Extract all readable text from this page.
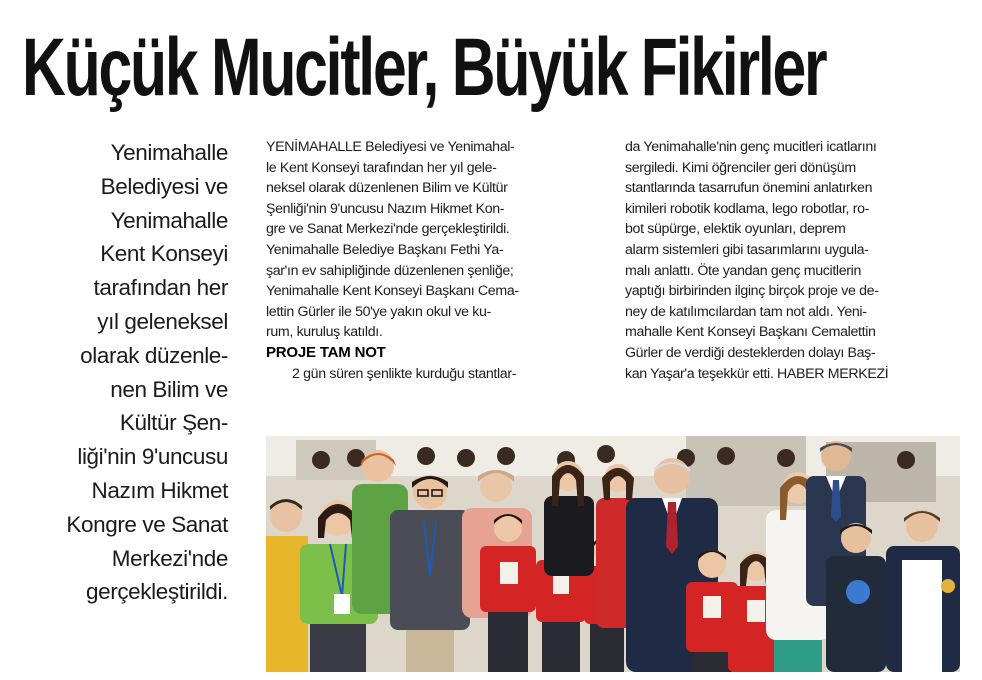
Küçük Mucitler, Büyük Fikirler
Yenimahalle
Belediyesi ve
Yenimahalle
Kent Konseyi
tarafından her
yıl geleneksel
olarak düzenle-
nen Bilim ve
Kültür Şen-
liği'nin 9'uncusu
Nazım Hikmet
Kongre ve Sanat
Merkezi'nde
gerçekleştirildi.
YENİMAHALLE Belediyesi ve Yenimahal-
le Kent Konseyi tarafından her yıl gele-
neksel olarak düzenlenen Bilim ve Kültür
Şenliği'nin 9'uncusu Nazım Hikmet Kon-
gre ve Sanat Merkezi'nde gerçekleştirildi.
Yenimahalle Belediye Başkanı Fethi Ya-
şar'ın ev sahipliğinde düzenlenen şenliğe;
Yenimahalle Kent Konseyi Başkanı Cema-
lettin Gürler ile 50'ye yakın okul ve ku-
rum, kuruluş katıldı.
PROJE TAM NOT
2 gün süren şenlikte kurduğu stantlar-
da Yenimahalle'nin genç mucitleri icatlarını
sergiledi. Kimi öğrenciler geri dönüşüm
stantlarında tasarrufun önemini anlatırken
kimileri robotik kodlama, lego robotlar, ro-
bot süpürge, elektik oyunları, deprem
alarm sistemleri gibi tasarımlarını uygula-
malı anlattı. Öte yandan genç mucitlerin
yaptığı birbirinden ilginç birçok proje ve de-
ney de katılımcılardan tam not aldı. Yeni-
mahalle Kent Konseyi Başkanı Cemalettin
Gürler de verdiği desteklerden dolayı Baş-
kan Yaşar'a teşekkür etti. HABER MERKEZİ
